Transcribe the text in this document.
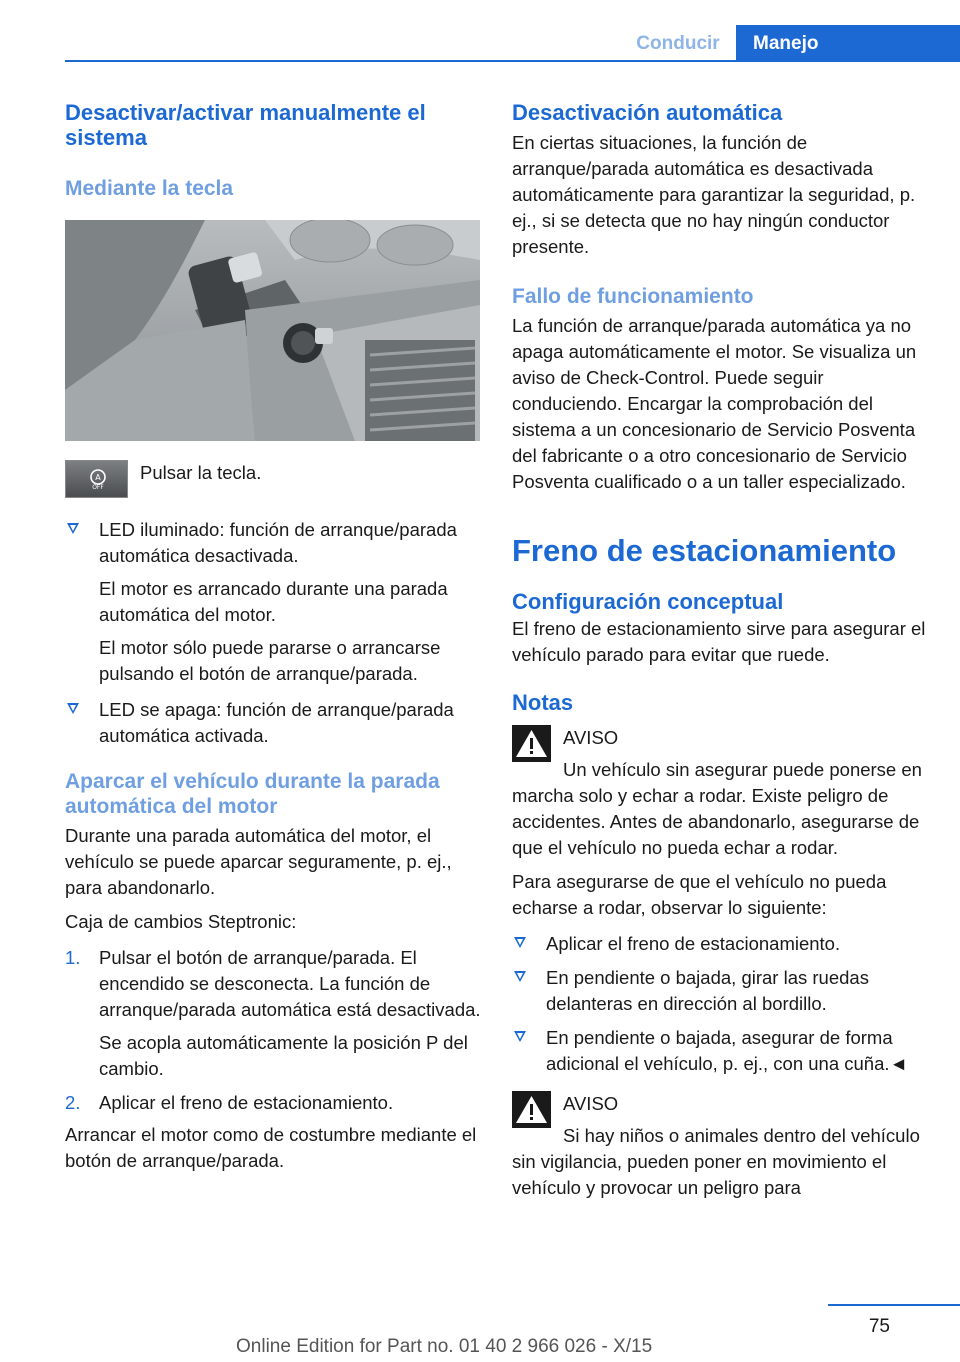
Conducir	Manejo
Desactivar/activar manualmente el sistema
Mediante la tecla
A
OFF

Pulsar la tecla.

LED iluminado: función de arranque/parada automática desactivada.
El motor es arrancado durante una parada automática del motor.
El motor sólo puede pararse o arrancarse pulsando el botón de arranque/parada.
LED se apaga: función de arranque/parada automática activada.
Aparcar el vehículo durante la parada automática del motor

Durante una parada automática del motor, el vehículo se puede aparcar seguramente, p. ej., para abandonarlo.

Caja de cambios Steptronic:

1. Pulsar el botón de arranque/parada. El encendido se desconecta. La función de arranque/parada automática está desactivada.
Se acopla automáticamente la posición P del cambio.
2. Aplicar el freno de estacionamiento.

Arrancar el motor como de costumbre mediante el botón de arranque/parada.

Desactivación automática

En ciertas situaciones, la función de arranque/parada automática es desactivada automáticamente para garantizar la seguridad, p. ej., si se detecta que no hay ningún conductor presente.

Fallo de funcionamiento

La función de arranque/parada automática ya no apaga automáticamente el motor. Se visualiza un aviso de Check-Control. Puede seguir conduciendo. Encargar la comprobación del sistema a un concesionario de Servicio Posventa del fabricante o a otro concesionario de Servicio Posventa cualificado o a un taller especializado.

Freno de estacionamiento
Configuración conceptual

El freno de estacionamiento sirve para asegurar el vehículo parado para evitar que ruede.

Notas

AVISO

Un vehículo sin asegurar puede ponerse en marcha solo y echar a rodar. Existe peligro de accidentes. Antes de abandonarlo, asegurarse de que el vehículo no pueda echar a rodar.

Para asegurarse de que el vehículo no pueda echarse a rodar, observar lo siguiente:

Aplicar el freno de estacionamiento.
En pendiente o bajada, girar las ruedas delanteras en dirección al bordillo.
En pendiente o bajada, asegurar de forma adicional el vehículo, p. ej., con una cuña.◄

AVISO

Si hay niños o animales dentro del vehículo sin vigilancia, pueden poner en movimiento el vehículo y provocar un peligro para

75
Online Edition for Part no. 01 40 2 966 026 - X/15
